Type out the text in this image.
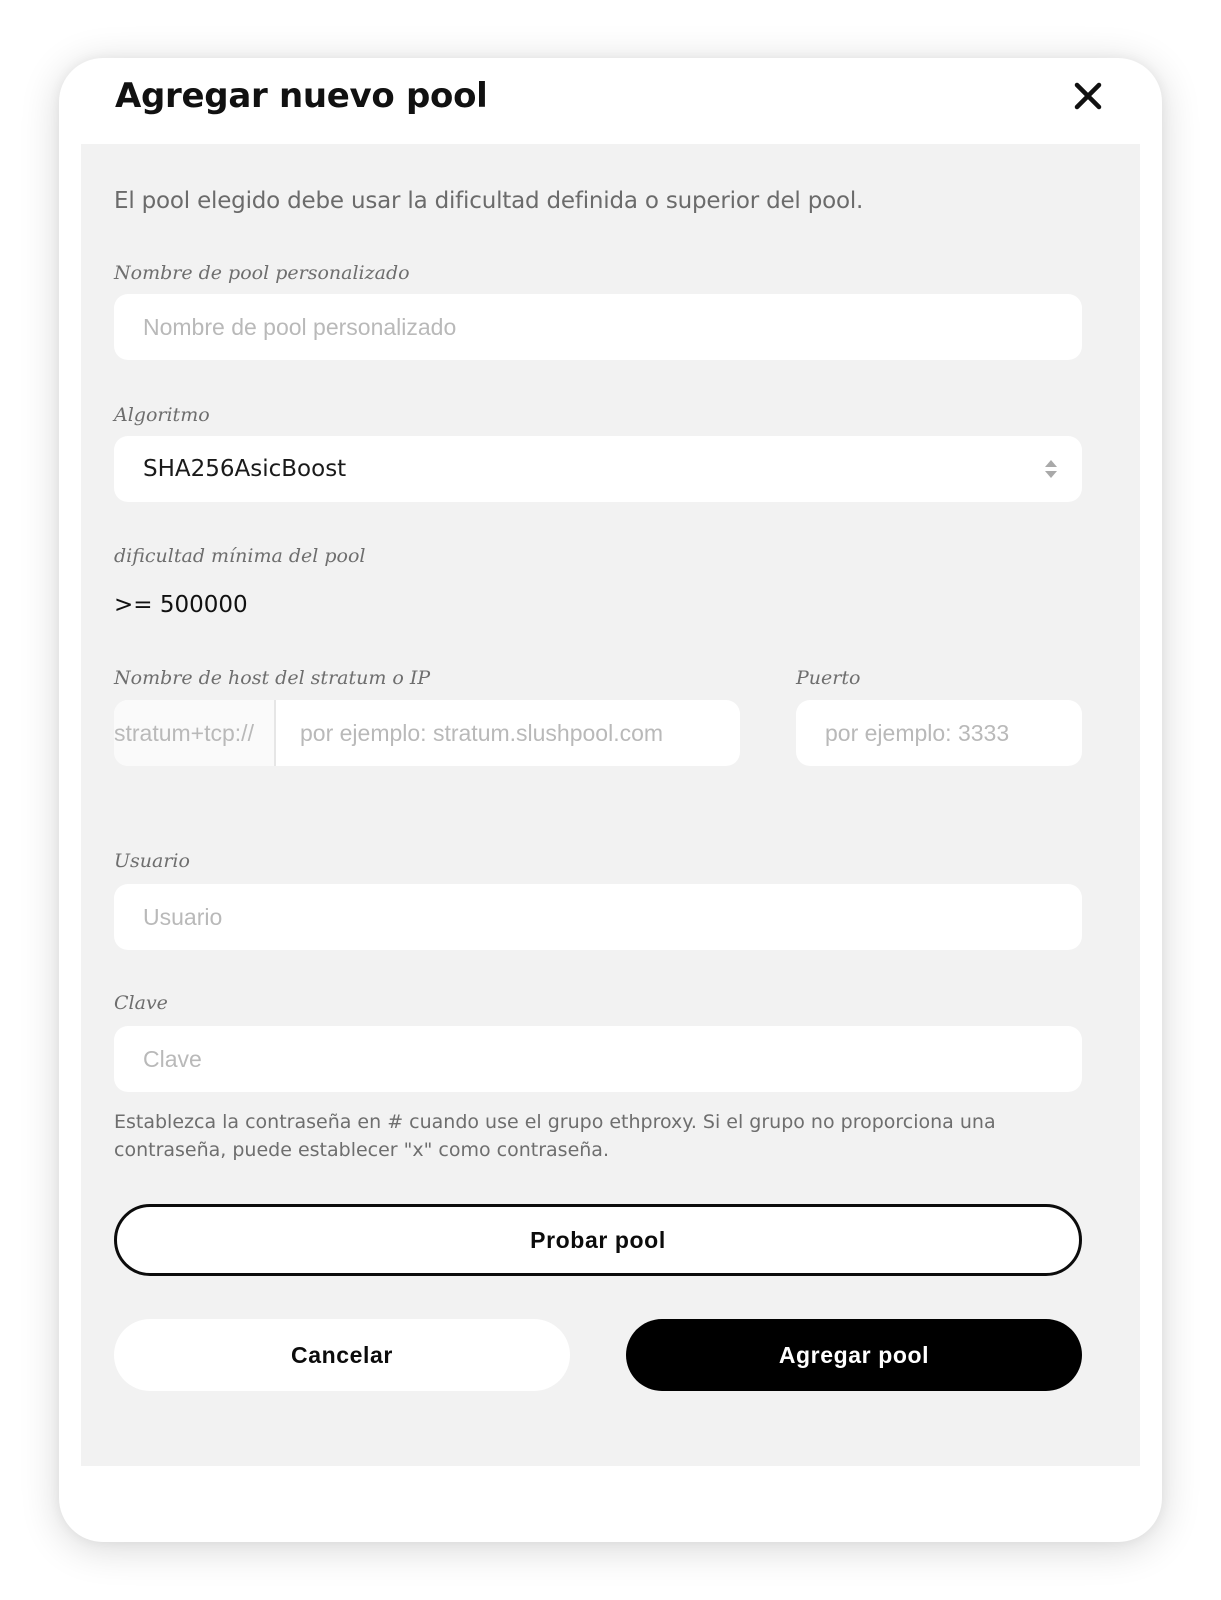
Agregar nuevo pool
El pool elegido debe usar la dificultad definida o superior del pool.
Nombre de pool personalizado
Nombre de pool personalizado
Algoritmo
SHA256AsicBoost
dificultad mínima del pool
>= 500000
Nombre de host del stratum o IP
stratum+tcp://	por ejemplo: stratum.slushpool.com
Puerto
por ejemplo: 3333
Usuario
Usuario
Clave
Clave
Establezca la contraseña en # cuando use el grupo ethproxy. Si el grupo no proporciona una contraseña, puede establecer "x" como contraseña.
Probar pool
Cancelar	Agregar pool
